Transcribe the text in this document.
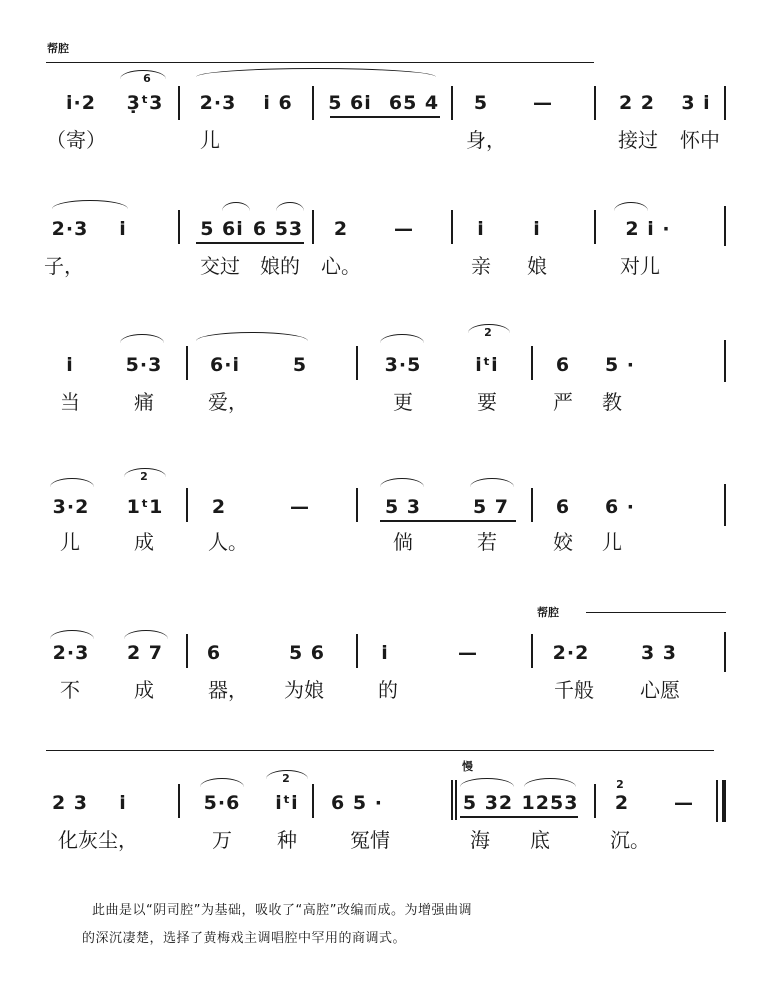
帮腔
6
i·2 3̣ᵗ3 2·3 i 6 5 6i 65 4 5 —	2 2 3 i
（寄）	儿	身，	接过 怀中
2·3 i	5 6i 6 53 2 —	i	i	2 i ·
子，	交过 娘的 心。	亲 娘	对儿
2
i	5·3	6·i	5	3·5	iᵗi	6 5 ·
当	痛	爱，	更	要	严 教
2
3·2 1ᵗ1	2	—	5 3	5 7 6 6 ·
儿	成	人。	倘	若	姣 儿
帮腔
2·3 2 7 6	5 6	i	—	2·2	3 3
不	成	器， 为娘	的	千般 心愿
慢
2	2
2 3 i	5·6 iᵗi 6 5 ·	5 32 1253 2 —
化灰尘，	万 种	冤情	海 底	沉。
此曲是以“阴司腔”为基础，吸收了“高腔”改编而成。为增强曲调
的深沉凄楚，选择了黄梅戏主调唱腔中罕用的商调式。
